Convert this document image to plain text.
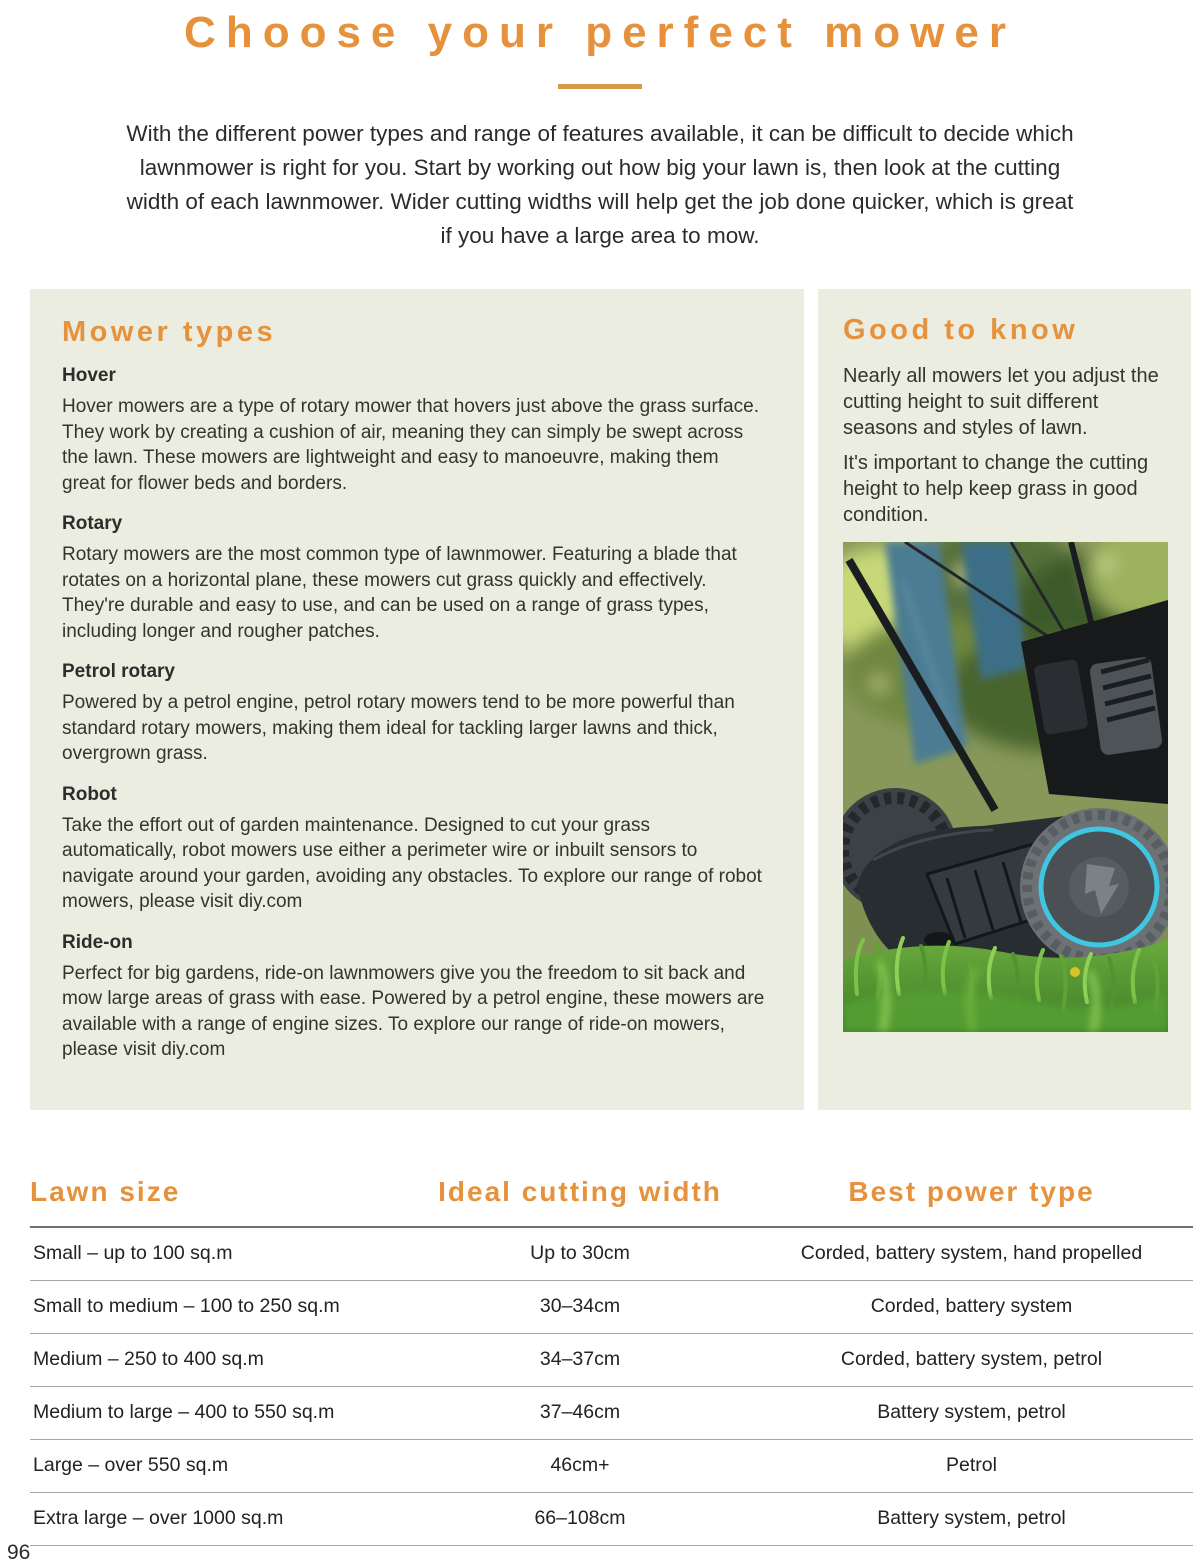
Choose your perfect mower

With the different power types and range of features available, it can be difficult to decide which lawnmower is right for you. Start by working out how big your lawn is, then look at the cutting width of each lawnmower. Wider cutting widths will help get the job done quicker, which is great if you have a large area to mow.

Mower types
Hover

Hover mowers are a type of rotary mower that hovers just above the grass surface. They work by creating a cushion of air, meaning they can simply be swept across the lawn. These mowers are lightweight and easy to manoeuvre, making them great for flower beds and borders.

Rotary

Rotary mowers are the most common type of lawnmower. Featuring a blade that rotates on a horizontal plane, these mowers cut grass quickly and effectively. They're durable and easy to use, and can be used on a range of grass types, including longer and rougher patches.

Petrol rotary

Powered by a petrol engine, petrol rotary mowers tend to be more powerful than standard rotary mowers, making them ideal for tackling larger lawns and thick, overgrown grass.

Robot

Take the effort out of garden maintenance. Designed to cut your grass automatically, robot mowers use either a perimeter wire or inbuilt sensors to navigate around your garden, avoiding any obstacles. To explore our range of robot mowers, please visit diy.com

Ride-on

Perfect for big gardens, ride-on lawnmowers give you the freedom to sit back and mow large areas of grass with ease. Powered by a petrol engine, these mowers are available with a range of engine sizes. To explore our range of ride-on mowers, please visit diy.com

Good to know

Nearly all mowers let you adjust the cutting height to suit different seasons and styles of lawn.

It's important to change the cutting height to help keep grass in good condition.

Lawn size	Ideal cutting width	Best power type
Small – up to 100 sq.m	Up to 30cm	Corded, battery system, hand propelled
Small to medium – 100 to 250 sq.m	30–34cm	Corded, battery system
Medium – 250 to 400 sq.m	34–37cm	Corded, battery system, petrol
Medium to large – 400 to 550 sq.m	37–46cm	Battery system, petrol
Large – over 550 sq.m	46cm+	Petrol
Extra large – over 1000 sq.m	66–108cm	Battery system, petrol
96
